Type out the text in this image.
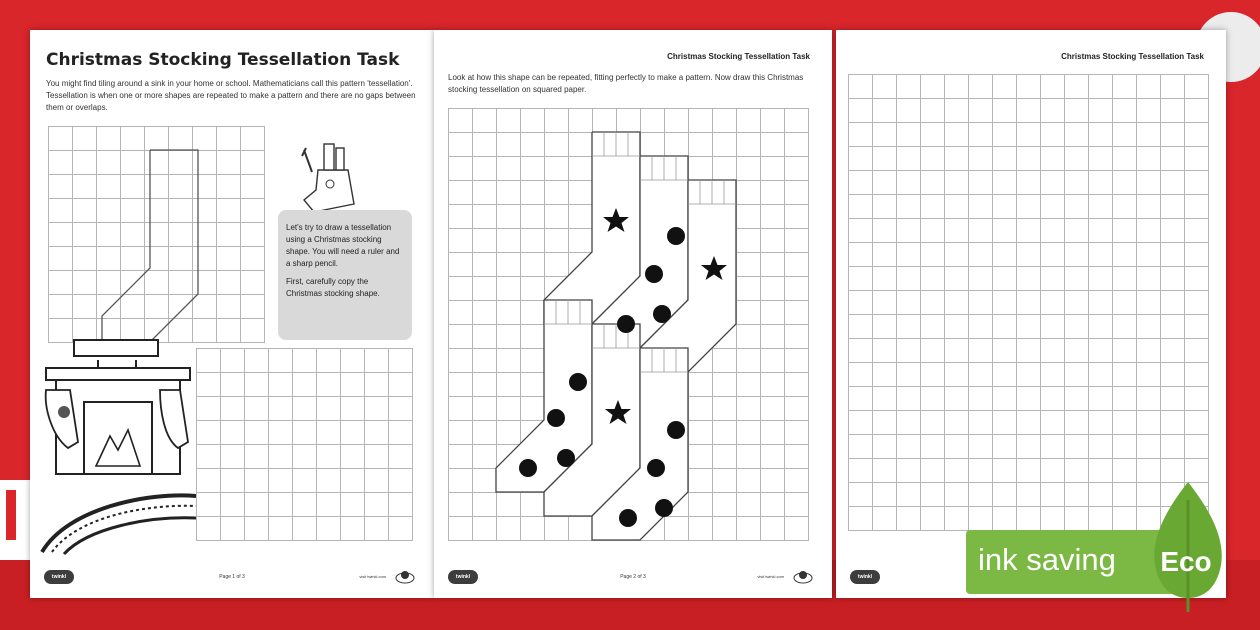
Christmas Stocking Tessellation Task
You might find tiling around a sink in your home or school. Mathematicians call this pattern 'tessellation'. Tessellation is when one or more shapes are repeated to make a pattern and there are no gaps between them or overlaps.

Let's try to draw a tessellation using a Christmas stocking shape. You will need a ruler and a sharp pencil.

First, carefully copy the Christmas stocking shape.

twinkl	Page 1 of 3	visit twinkl.com
Christmas Stocking Tessellation Task
Look at how this shape can be repeated, fitting perfectly to make a pattern. Now draw this Christmas stocking tessellation on squared paper.
twinkl	Page 2 of 3	visit twinkl.com
Christmas Stocking Tessellation Task
twinkl	ink saving Eco
